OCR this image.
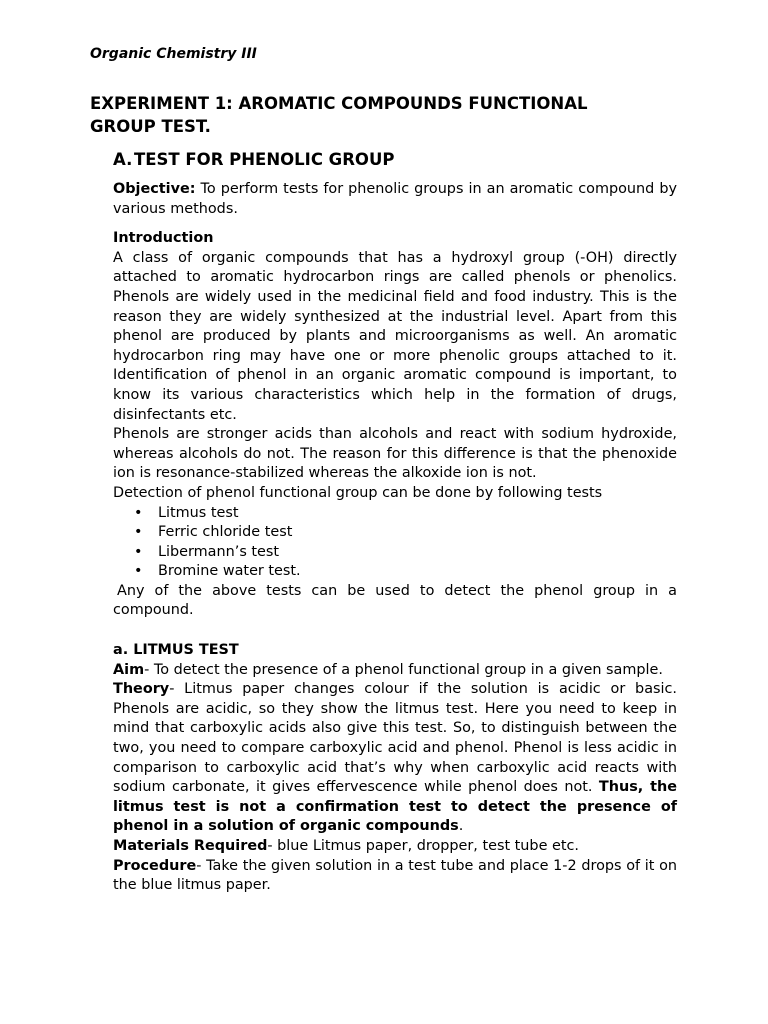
Organic Chemistry III
EXPERIMENT 1: AROMATIC COMPOUNDS FUNCTIONAL GROUP TEST.
A.TEST FOR PHENOLIC GROUP

Objective: To perform tests for phenolic groups in an aromatic compound by various methods.

Introduction

A class of organic compounds that has a hydroxyl group (-OH) directly attached to aromatic hydrocarbon rings are called phenols or phenolics. Phenols are widely used in the medicinal field and food industry. This is the reason they are widely synthesized at the industrial level. Apart from this phenol are produced by plants and microorganisms as well. An aromatic hydrocarbon ring may have one or more phenolic groups attached to it. Identification of phenol in an organic aromatic compound is important, to know its various characteristics which help in the formation of drugs, disinfectants etc.

Phenols are stronger acids than alcohols and react with sodium hydroxide, whereas alcohols do not. The reason for this difference is that the phenoxide ion is resonance-stabilized whereas the alkoxide ion is not.

Detection of phenol functional group can be done by following tests

• Litmus test
• Ferric chloride test
• Libermann’s test
• Bromine water test.

Any of the above tests can be used to detect the phenol group in a compound.

a. LITMUS TEST

Aim- To detect the presence of a phenol functional group in a given sample.

Theory- Litmus paper changes colour if the solution is acidic or basic. Phenols are acidic, so they show the litmus test. Here you need to keep in mind that carboxylic acids also give this test. So, to distinguish between the two, you need to compare carboxylic acid and phenol. Phenol is less acidic in comparison to carboxylic acid that’s why when carboxylic acid reacts with sodium carbonate, it gives effervescence while phenol does not. Thus, the litmus test is not a confirmation test to detect the presence of phenol in a solution of organic compounds.

Materials Required- blue Litmus paper, dropper, test tube etc.

Procedure- Take the given solution in a test tube and place 1-2 drops of it on the blue litmus paper.
